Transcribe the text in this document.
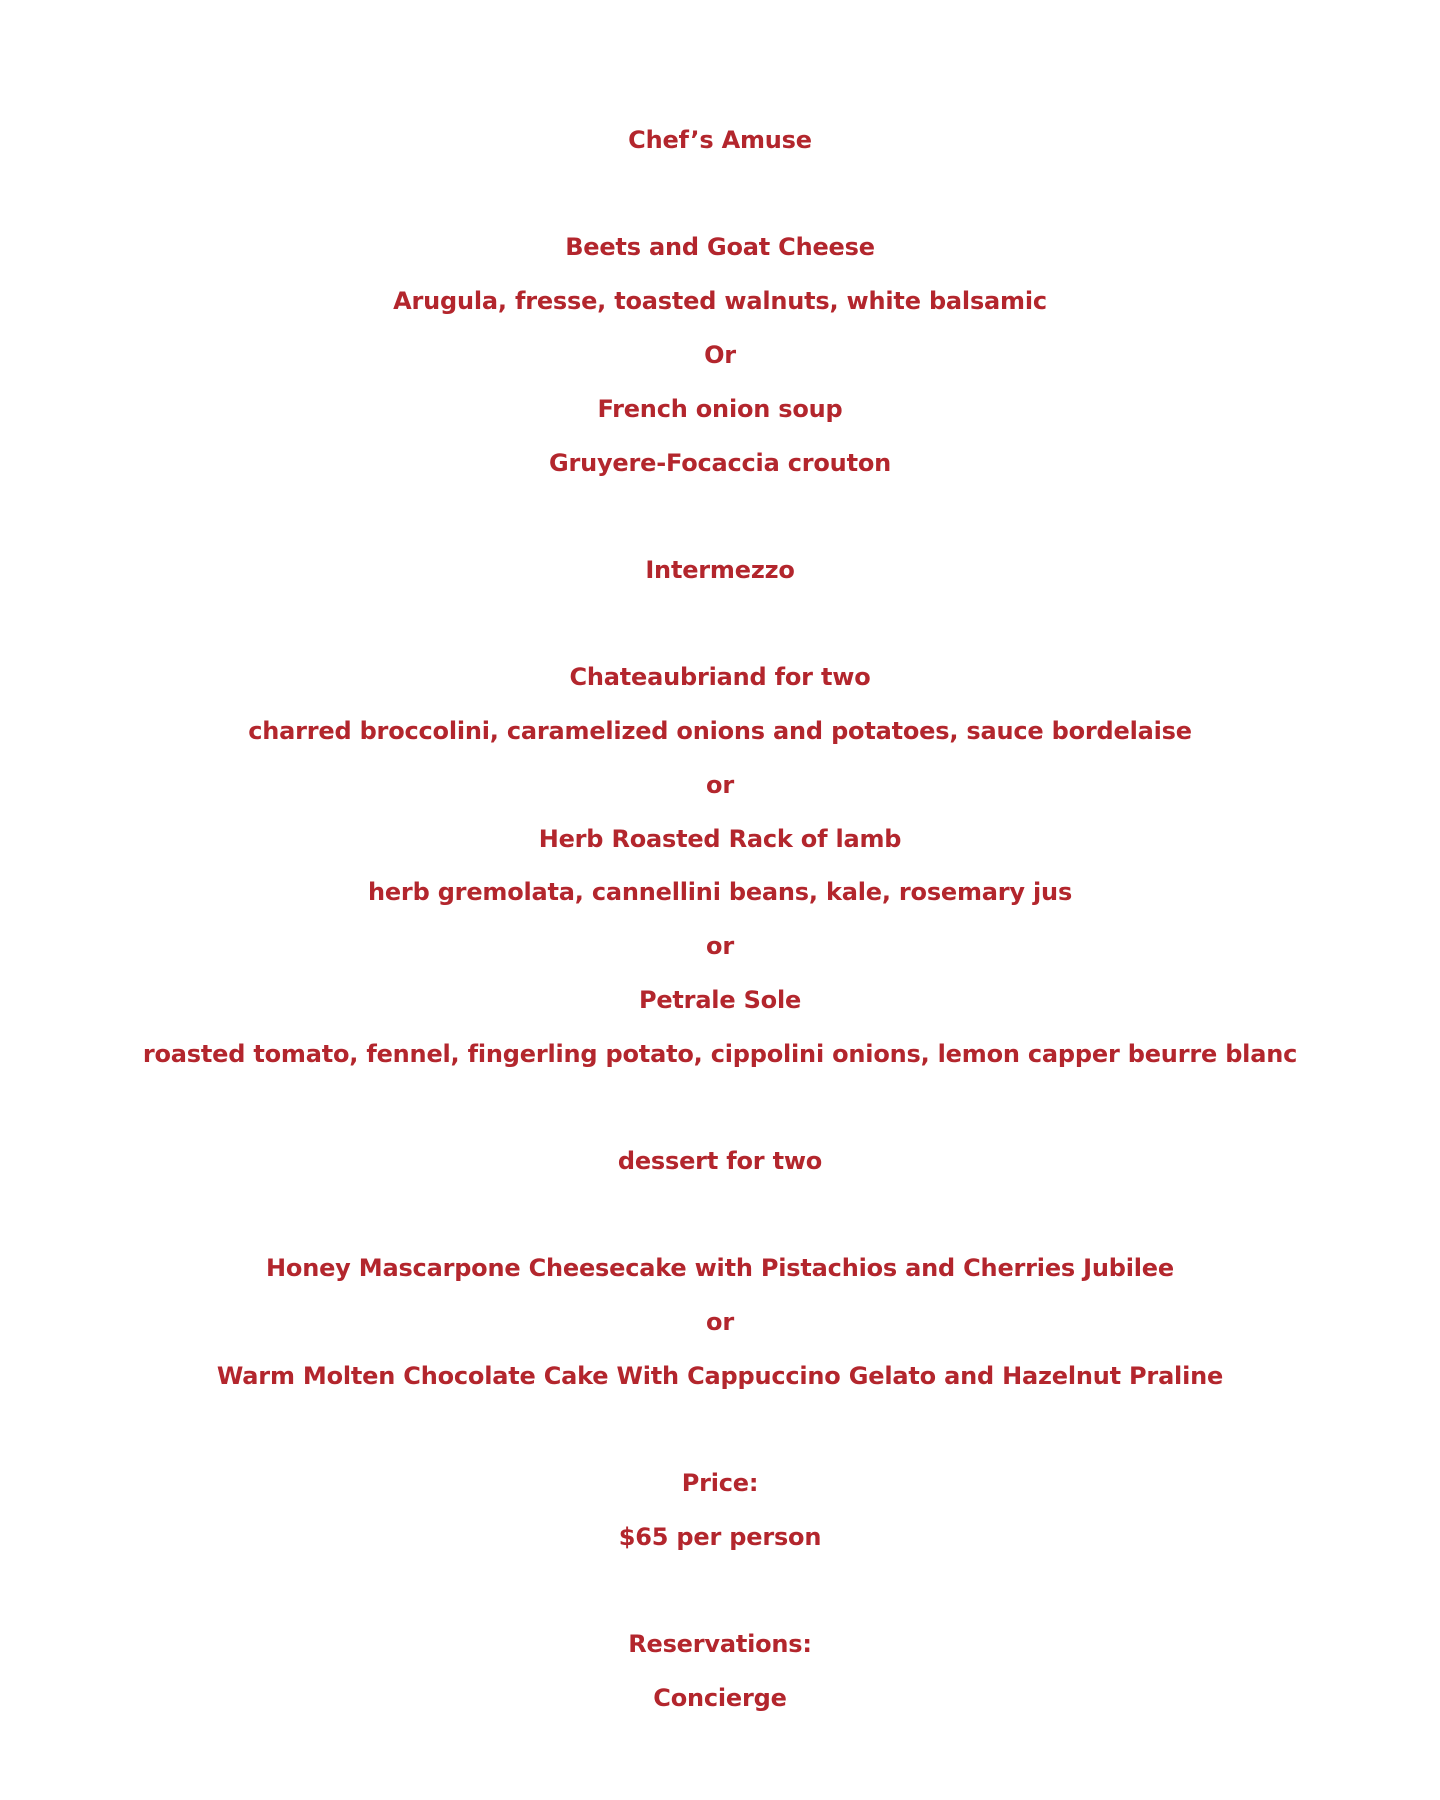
Chef’s Amuse
Beets and Goat Cheese
Arugula, fresse, toasted walnuts, white balsamic
Or
French onion soup
Gruyere-Focaccia crouton
Intermezzo
Chateaubriand for two
charred broccolini, caramelized onions and potatoes, sauce bordelaise
or
Herb Roasted Rack of lamb
herb gremolata, cannellini beans, kale, rosemary jus
or
Petrale Sole
roasted tomato, fennel, fingerling potato, cippolini onions, lemon capper beurre blanc
dessert for two
Honey Mascarpone Cheesecake with Pistachios and Cherries Jubilee
or
Warm Molten Chocolate Cake With Cappuccino Gelato and Hazelnut Praline
Price:
$65 per person
Reservations:
Concierge
